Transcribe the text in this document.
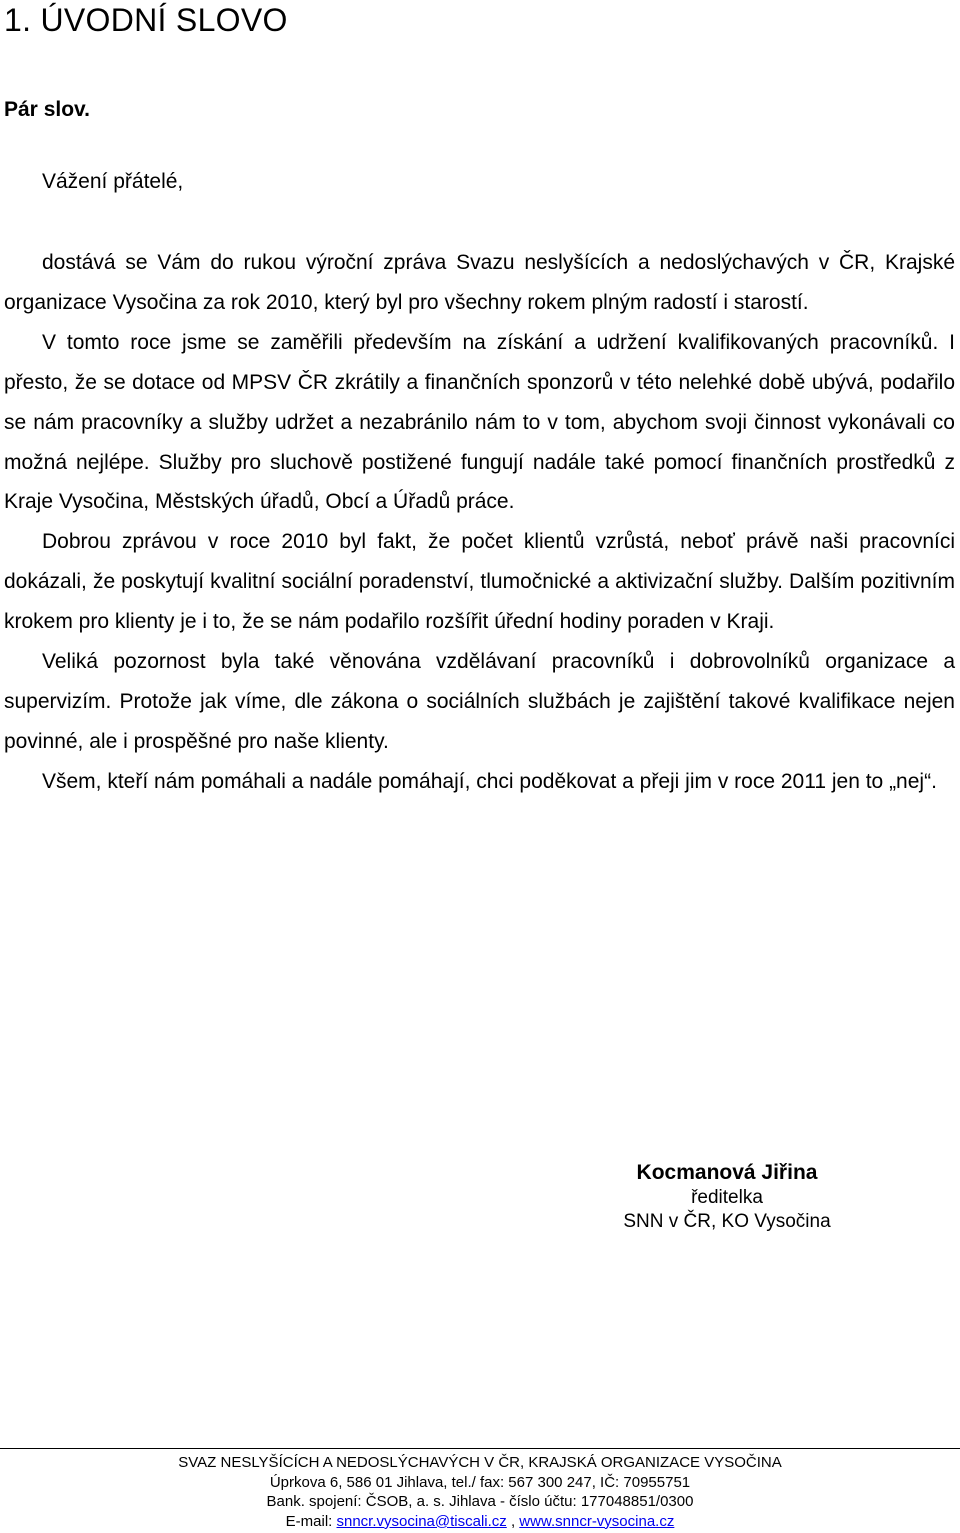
1. ÚVODNÍ SLOVO
Pár slov.

Vážení přátelé,

dostává se Vám do rukou výroční zpráva Svazu neslyšících a nedoslýchavých v ČR, Krajské organizace Vysočina za rok 2010, který byl pro všechny rokem plným radostí i starostí.

V tomto roce jsme se zaměřili především na získání a udržení kvalifikovaných pracovníků. I přesto, že se dotace od MPSV ČR zkrátily a finančních sponzorů v této nelehké době ubývá, podařilo se nám pracovníky a služby udržet a nezabránilo nám to v tom, abychom svoji činnost vykonávali co možná nejlépe. Služby pro sluchově postižené fungují nadále také pomocí finančních prostředků z Kraje Vysočina, Městských úřadů, Obcí a Úřadů práce.

Dobrou zprávou v roce 2010 byl fakt, že počet klientů vzrůstá, neboť právě naši pracovníci dokázali, že poskytují kvalitní sociální poradenství, tlumočnické a aktivizační služby. Dalším pozitivním krokem pro klienty je i to, že se nám podařilo rozšířit úřední hodiny poraden v Kraji.

Veliká pozornost byla také věnována vzdělávaní pracovníků i dobrovolníků organizace a supervizím. Protože jak víme, dle zákona o sociálních službách je zajištění takové kvalifikace nejen povinné, ale i prospěšné pro naše klienty.

Všem, kteří nám pomáhali a nadále pomáhají, chci poděkovat a přeji jim v roce 2011 jen to „nej“.

Kocmanová Jiřina
ředitelka
SNN v ČR, KO Vysočina
SVAZ NESLYŠÍCÍCH A NEDOSLÝCHAVÝCH V ČR, KRAJSKÁ ORGANIZACE VYSOČINA
Úprkova 6, 586 01 Jihlava, tel./ fax: 567 300 247, IČ: 70955751
Bank. spojení: ČSOB, a. s. Jihlava - číslo účtu: 177048851/0300
E-mail: snncr.vysocina@tiscali.cz , www.snncr-vysocina.cz
